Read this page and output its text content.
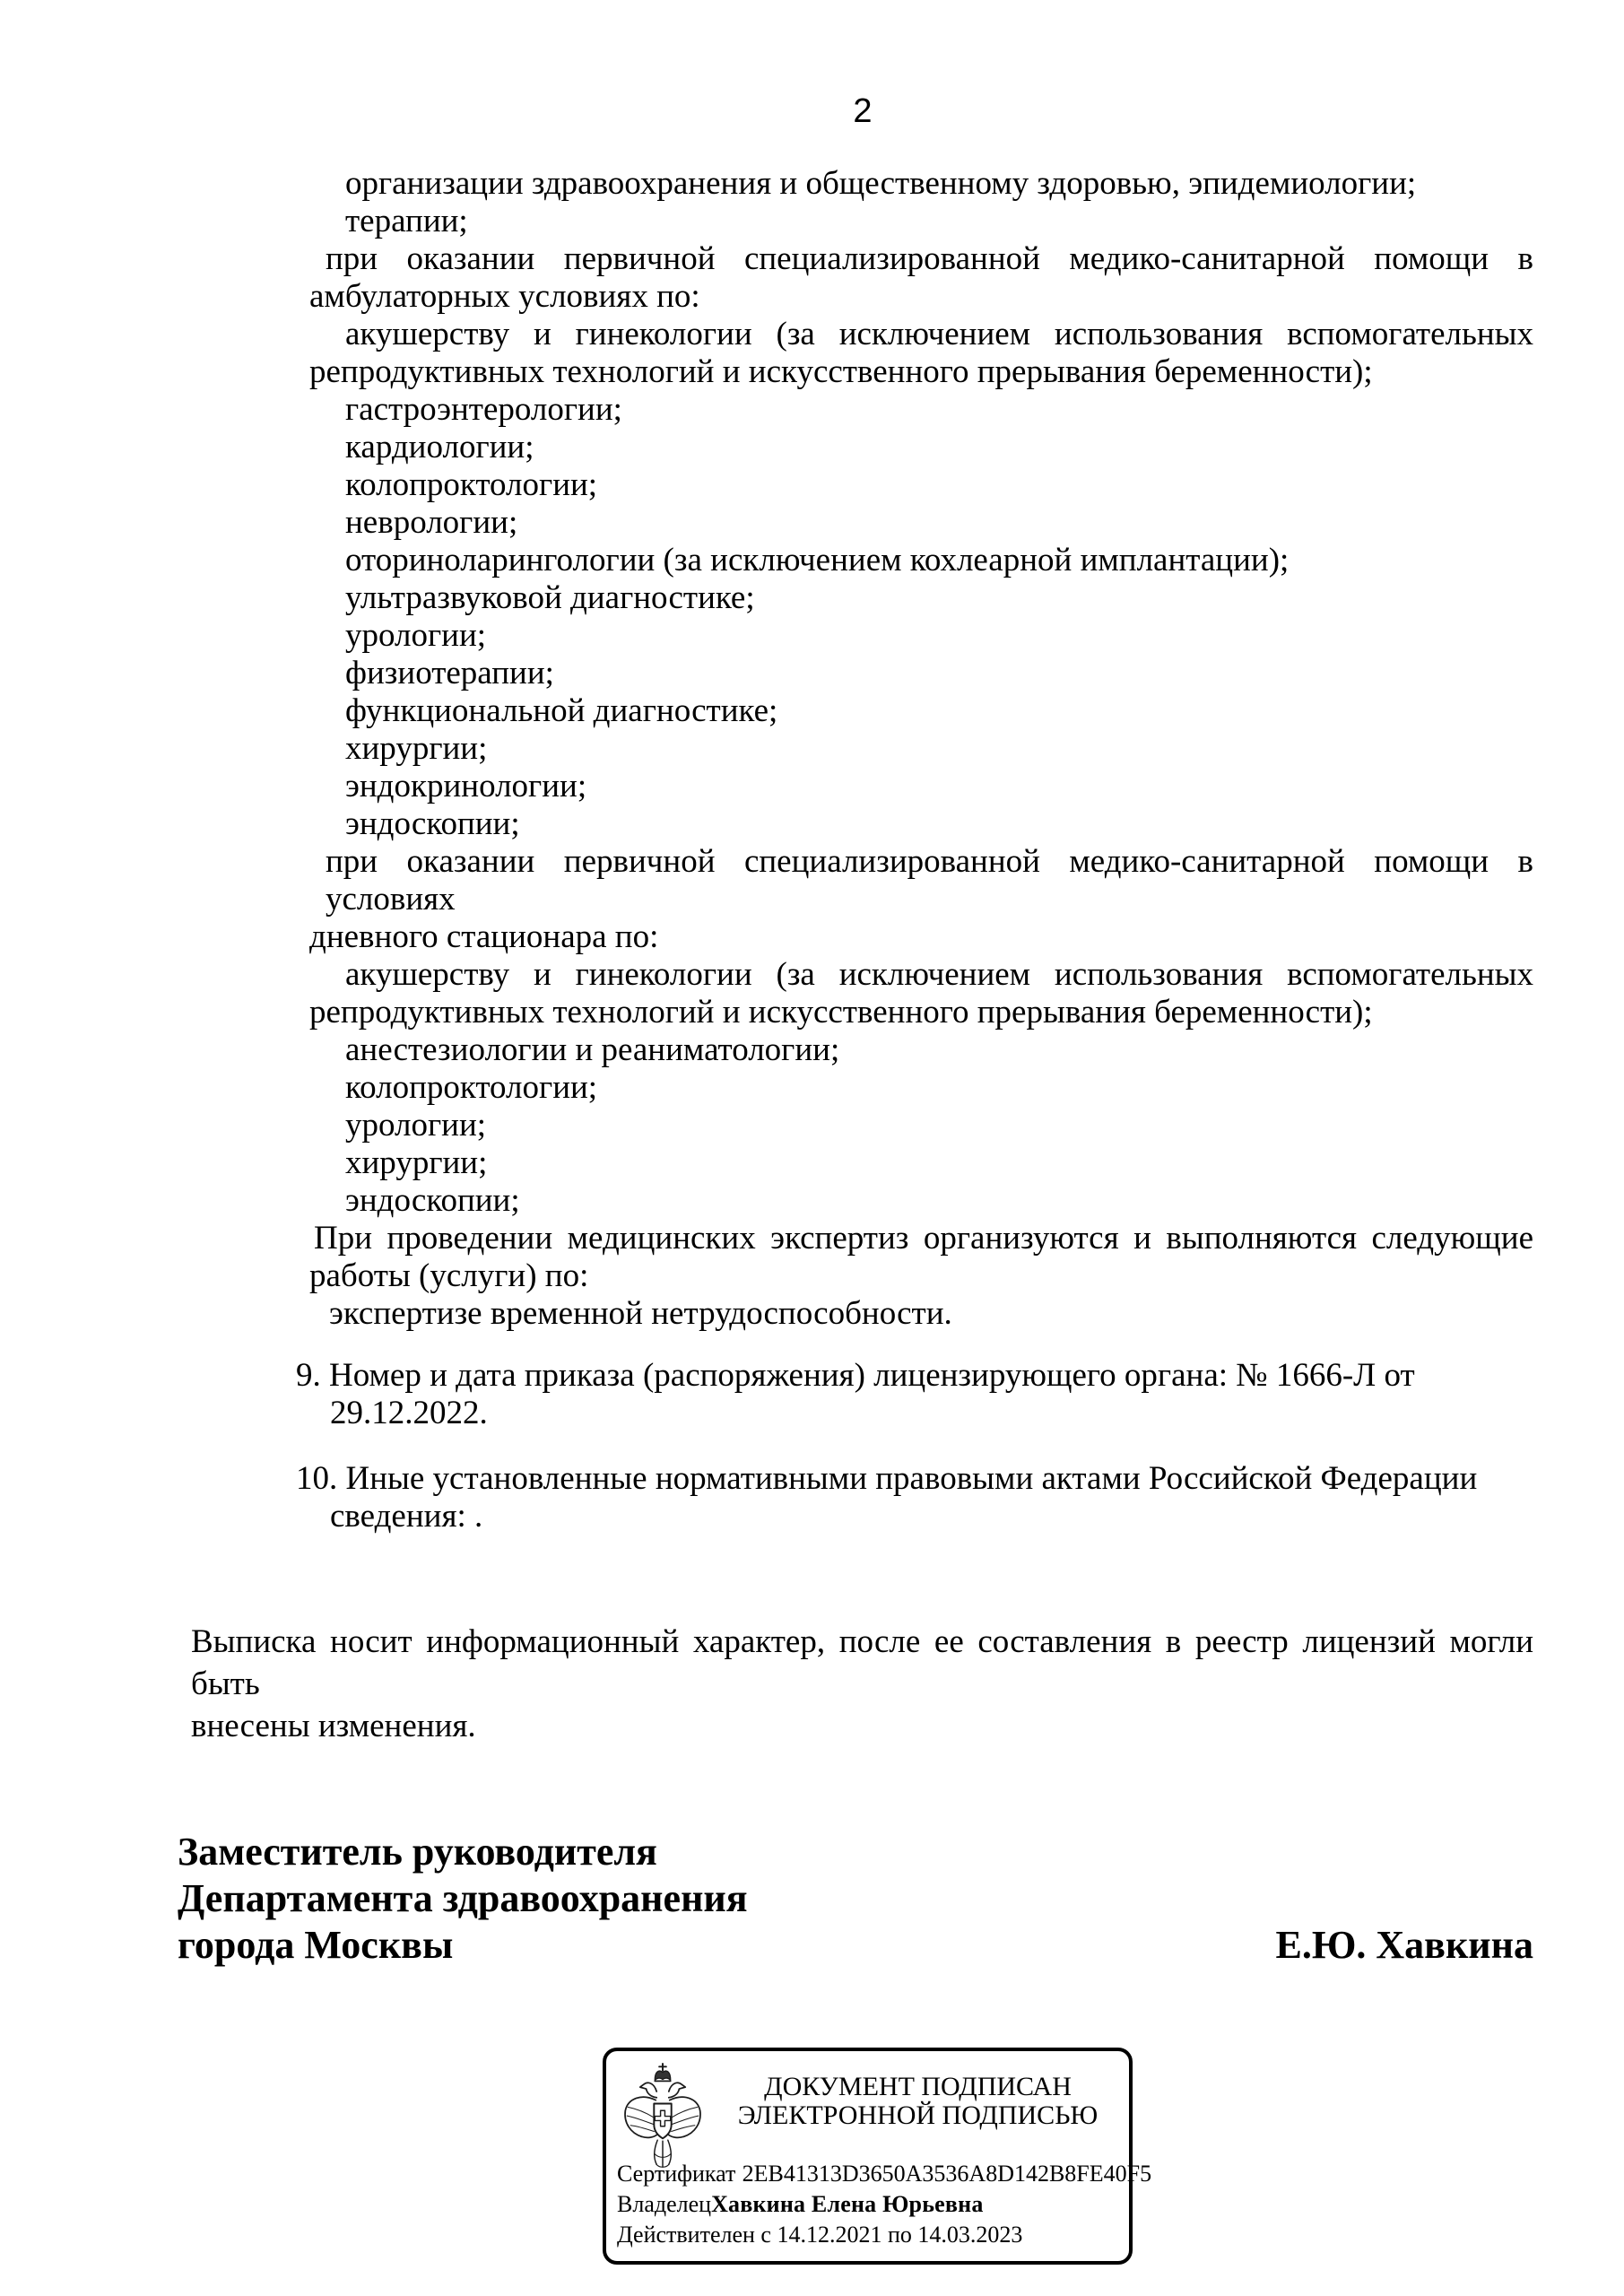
2
организации здравоохранения и общественному здоровью, эпидемиологии;
терапии;
при оказании первичной специализированной медико-санитарной помощи в
амбулаторных условиях по:
акушерству и гинекологии (за исключением использования вспомогательных
репродуктивных технологий и искусственного прерывания беременности);
гастроэнтерологии;
кардиологии;
колопроктологии;
неврологии;
оториноларингологии (за исключением кохлеарной имплантации);
ультразвуковой диагностике;
урологии;
физиотерапии;
функциональной диагностике;
хирургии;
эндокринологии;
эндоскопии;
при оказании первичной специализированной медико-санитарной помощи в условиях
дневного стационара по:
акушерству и гинекологии (за исключением использования вспомогательных
репродуктивных технологий и искусственного прерывания беременности);
анестезиологии и реаниматологии;
колопроктологии;
урологии;
хирургии;
эндоскопии;
При проведении медицинских экспертиз организуются и выполняются следующие
работы (услуги) по:
экспертизе временной нетрудоспособности.
9. Номер и дата приказа (распоряжения) лицензирующего органа: № 1666-Л от
29.12.2022.
10. Иные установленные нормативными правовыми актами Российской Федерации
сведения: .
Выписка носит информационный характер, после ее составления в реестр лицензий могли быть
внесены изменения.
Заместитель руководителя
Департамента здравоохранения
города Москвы	Е.Ю. Хавкина
ДОКУМЕНТ ПОДПИСАН
ЭЛЕКТРОННОЙ ПОДПИСЬЮ
Сертификат 2EB41313D3650A3536A8D142B8FE40F5
ВладелецХавкина Елена Юрьевна
Действителен с 14.12.2021 по 14.03.2023
